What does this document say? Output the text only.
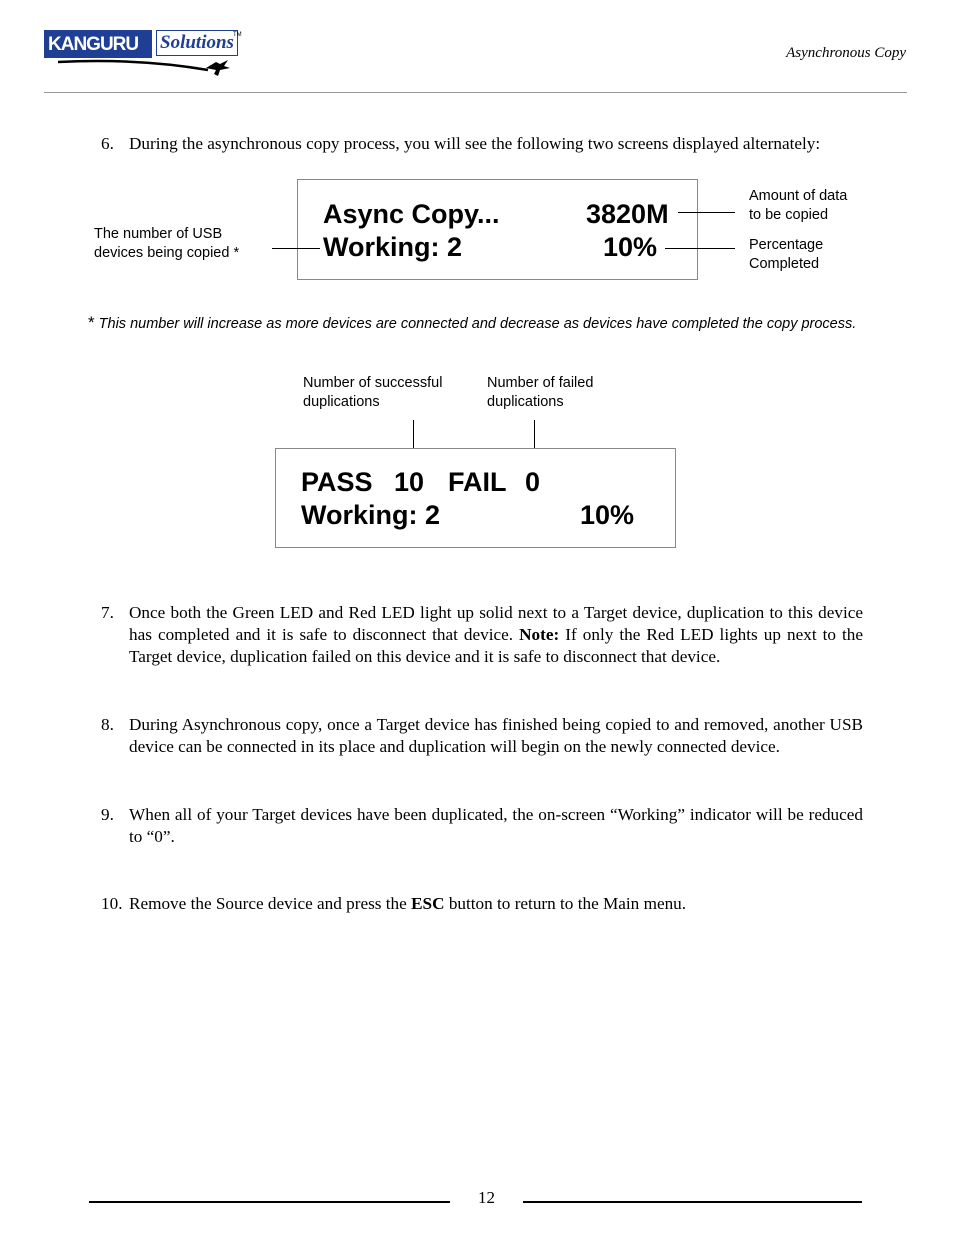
KANGURU Solutions TM
Asynchronous Copy
6. During the asynchronous copy process, you will see the following two screens displayed alternately:
Async Copy...	3820M
Working: 2	10%
The number of USB
devices being copied *
Amount of data
to be copied
Percentage
Completed
* This number will increase as more devices are connected and decrease as devices have completed the copy process.
Number of successful
duplications
Number of failed
duplications
PASS 10 FAIL 0
Working: 2	10%
7. Once both the Green LED and Red LED light up solid next to a Target device, duplication to this device has completed and it is safe to disconnect that device. Note: If only the Red LED lights up next to the Target device, duplication failed on this device and it is safe to disconnect that device.
8. During Asynchronous copy, once a Target device has finished being copied to and removed, another USB device can be connected in its place and duplication will begin on the newly connected device.
9. When all of your Target devices have been duplicated, the on-screen “Working” indicator will be reduced to “0”.
10. Remove the Source device and press the ESC button to return to the Main menu.
12
